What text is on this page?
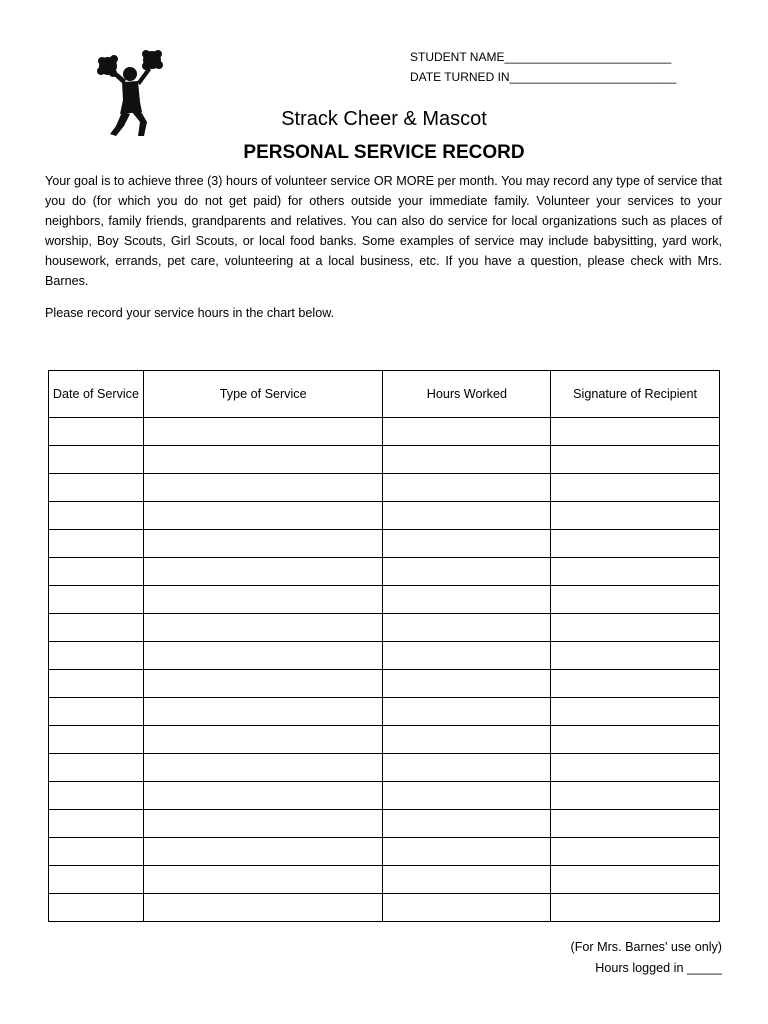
STUDENT NAME_________________________
DATE TURNED IN_________________________
Strack Cheer & Mascot
PERSONAL SERVICE RECORD

Your goal is to achieve three (3) hours of volunteer service OR MORE per month. You may record any type of service that you do (for which you do not get paid) for others outside your immediate family. Volunteer your services to your neighbors, family friends, grandparents and relatives. You can also do service for local organizations such as places of worship, Boy Scouts, Girl Scouts, or local food banks. Some examples of service may include babysitting, yard work, housework, errands, pet care, volunteering at a local business, etc. If you have a question, please check with Mrs. Barnes.

Please record your service hours in the chart below.

Date of Service	Type of Service	Hours Worked	Signature of Recipient

(For Mrs. Barnes' use only)
Hours logged in _____
